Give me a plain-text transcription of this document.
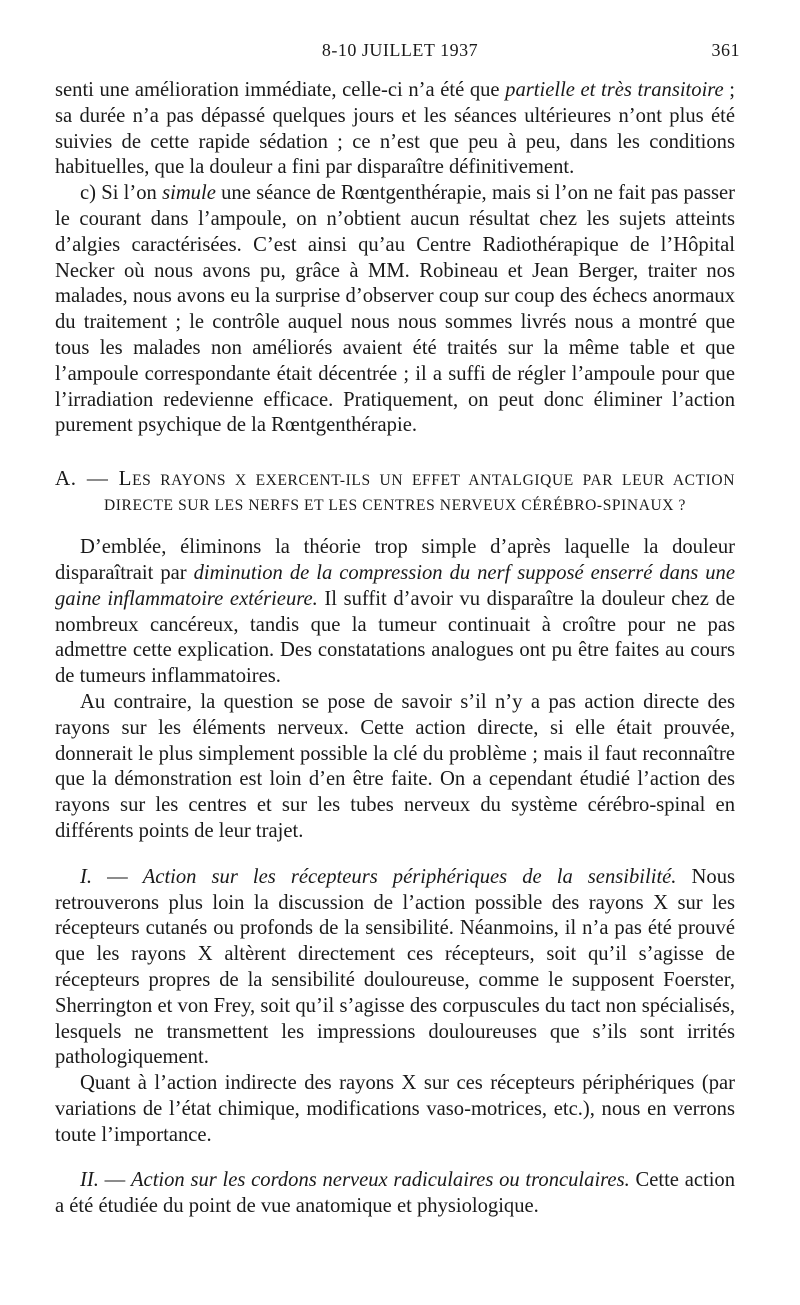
8-10 JUILLET 1937	361

senti une amélioration immédiate, celle-ci n’a été que partielle et très transitoire ; sa durée n’a pas dépassé quelques jours et les séances ultérieures n’ont plus été suivies de cette rapide sédation ; ce n’est que peu à peu, dans les conditions habituelles, que la douleur a fini par disparaître définitivement.

c) Si l’on simule une séance de Rœntgenthérapie, mais si l’on ne fait pas passer le courant dans l’ampoule, on n’obtient aucun résultat chez les sujets atteints d’algies caractérisées. C’est ainsi qu’au Centre Radiothérapique de l’Hôpital Necker où nous avons pu, grâce à MM. Robineau et Jean Berger, traiter nos malades, nous avons eu la surprise d’observer coup sur coup des échecs anormaux du traitement ; le contrôle auquel nous nous sommes livrés nous a montré que tous les malades non améliorés avaient été traités sur la même table et que l’ampoule correspondante était décentrée ; il a suffi de régler l’ampoule pour que l’irradiation redevienne efficace. Pratiquement, on peut donc éliminer l’action purement psychique de la Rœntgenthérapie.

A. — LES RAYONS X EXERCENT-ILS UN EFFET ANTALGIQUE PAR LEUR ACTION DIRECTE SUR LES NERFS ET LES CENTRES NERVEUX CÉRÉBRO-SPINAUX ?

D’emblée, éliminons la théorie trop simple d’après laquelle la douleur disparaîtrait par diminution de la compression du nerf supposé enserré dans une gaine inflammatoire extérieure. Il suffit d’avoir vu disparaître la douleur chez de nombreux cancéreux, tandis que la tumeur continuait à croître pour ne pas admettre cette explication. Des constatations analogues ont pu être faites au cours de tumeurs inflammatoires.

Au contraire, la question se pose de savoir s’il n’y a pas action directe des rayons sur les éléments nerveux. Cette action directe, si elle était prouvée, donnerait le plus simplement possible la clé du problème ; mais il faut reconnaître que la démonstration est loin d’en être faite. On a cependant étudié l’action des rayons sur les centres et sur les tubes nerveux du système cérébro-spinal en différents points de leur trajet.

I. — Action sur les récepteurs périphériques de la sensibilité. Nous retrouverons plus loin la discussion de l’action possible des rayons X sur les récepteurs cutanés ou profonds de la sensibilité. Néanmoins, il n’a pas été prouvé que les rayons X altèrent directement ces récepteurs, soit qu’il s’agisse de récepteurs propres de la sensibilité douloureuse, comme le supposent Foerster, Sherrington et von Frey, soit qu’il s’agisse des corpuscules du tact non spécialisés, lesquels ne transmettent les impressions douloureuses que s’ils sont irrités pathologiquement.

Quant à l’action indirecte des rayons X sur ces récepteurs périphériques (par variations de l’état chimique, modifications vaso-motrices, etc.), nous en verrons toute l’importance.

II. — Action sur les cordons nerveux radiculaires ou tronculaires. Cette action a été étudiée du point de vue anatomique et physiologique.
